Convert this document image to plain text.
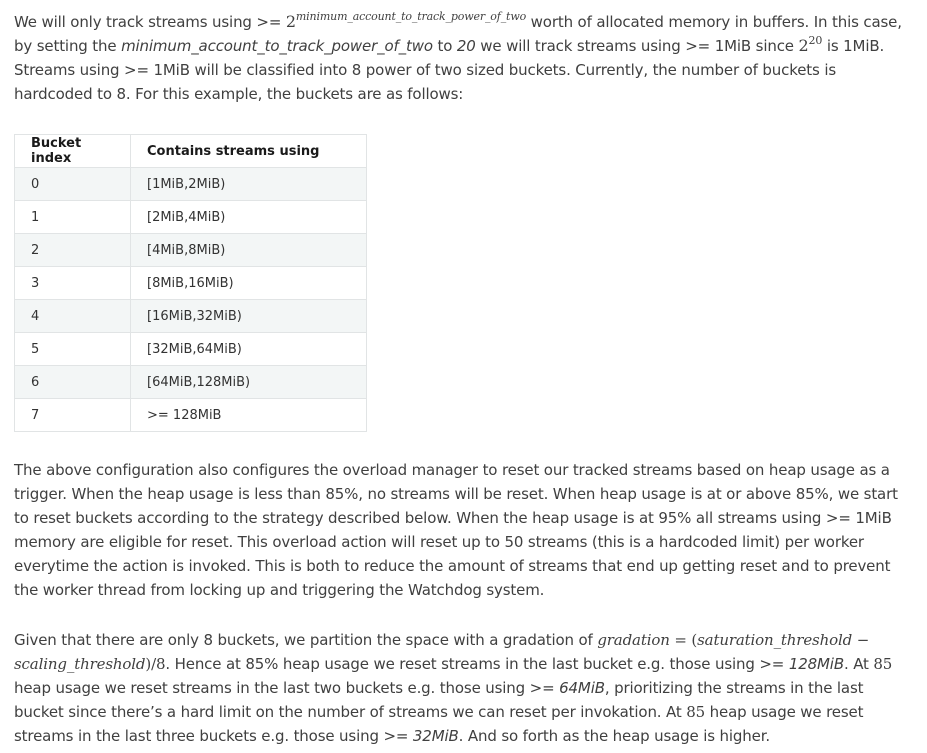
We will only track streams $using >= 2^{minimum\_account\_to\_track\_power\_of\_two}$ worth of allocated memory in buffers. In this case, by setting the minimum_account_to_track_power_of_two to 20 we will track streams using >= 1MiB since $2^{20}$ is 1MiB. Streams using >= 1MiB will be classified into 8 power of two sized buckets. Currently, the number of buckets is hardcoded to 8. For this example, the buckets are as follows:

Bucket index	Contains streams using
0	[1MiB,2MiB)
1	[2MiB,4MiB)
2	[4MiB,8MiB)
3	[8MiB,16MiB)
4	[16MiB,32MiB)
5	[32MiB,64MiB)
6	[64MiB,128MiB)
7	>= 128MiB

The above configuration also configures the overload manager to reset our tracked streams based on heap usage as a trigger. When the heap usage is less than 85%, no streams will be reset. When heap usage is at or above 85%, we start to reset buckets according to the strategy described below. When the heap usage is at 95% all streams using >= 1MiB memory are eligible for reset. This overload action will reset up to 50 streams (this is a hardcoded limit) per worker everytime the action is invoked. This is both to reduce the amount of streams that end up getting reset and to prevent the worker thread from locking up and triggering the Watchdog system.

Given that there are only 8 buckets, we partition the space with a gradation of gradation = (saturation_threshold − scaling_threshold)/8. Hence at 85% heap usage we reset streams in the last bucket e.g. those using >= 128MiB. At 85 heap usage we reset streams in the last two buckets e.g. those using >= 64MiB, prioritizing the streams in the last bucket since there’s a hard limit on the number of streams we can reset per invokation. At 85 heap usage we reset streams in the last three buckets e.g. those using >= 32MiB. And so forth as the heap usage is higher.
